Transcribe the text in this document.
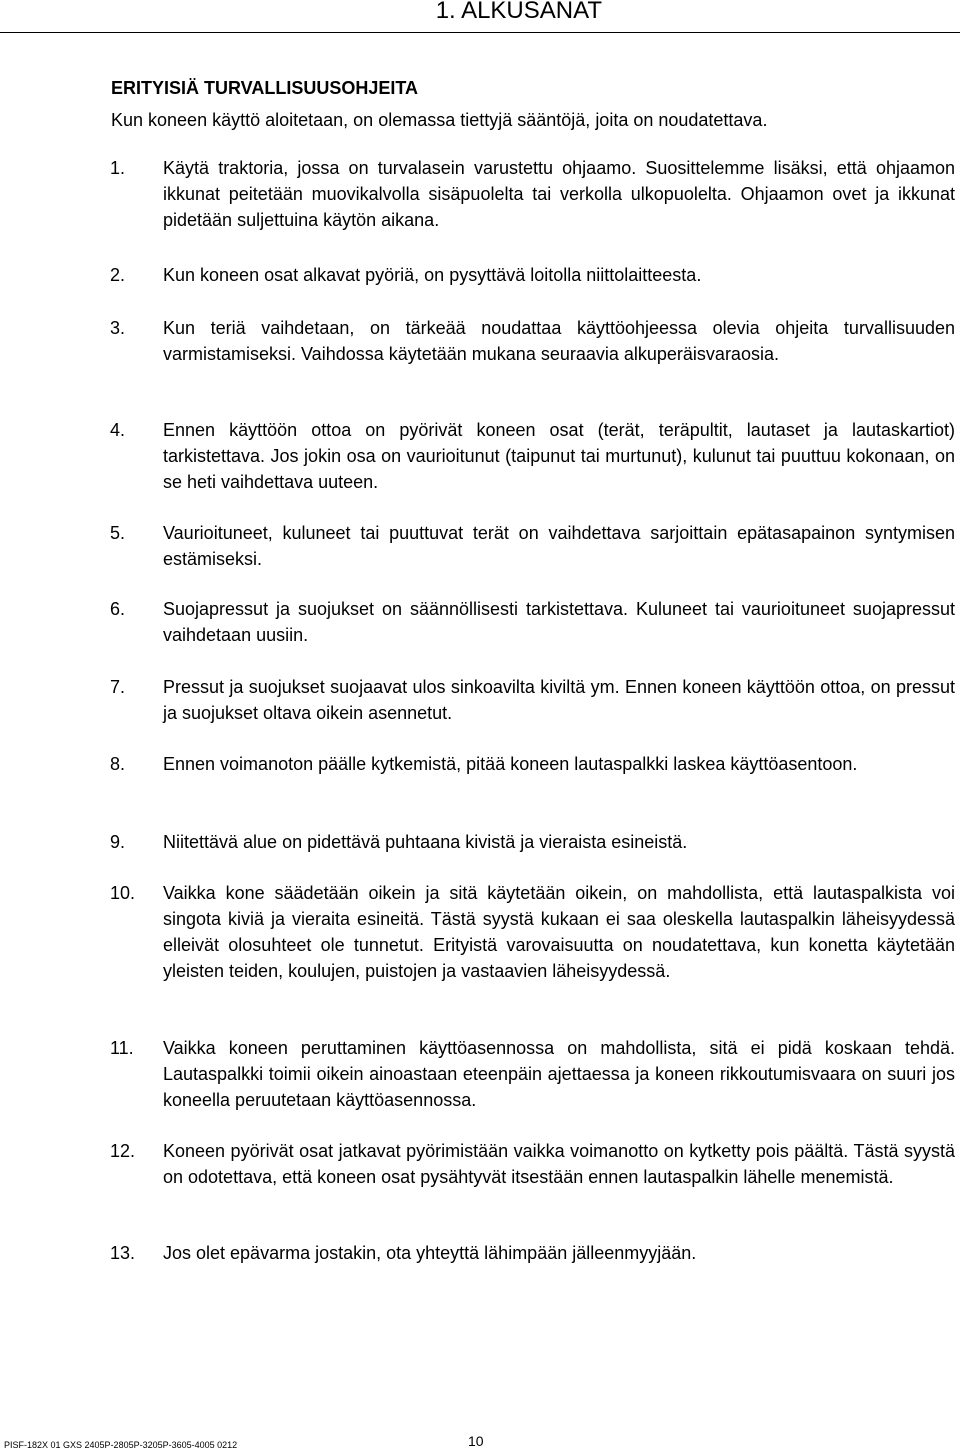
1. ALKUSANAT
ERITYISIÄ TURVALLISUUSOHJEITA

Kun koneen käyttö aloitetaan, on olemassa tiettyjä sääntöjä, joita on noudatettava.

1.	Käytä traktoria, jossa on turvalasein varustettu ohjaamo. Suosittelemme lisäksi, että ohjaamon ikkunat peitetään muovikalvolla sisäpuolelta tai verkolla ulkopuolelta. Ohjaamon ovet ja ikkunat pidetään suljettuina käytön aikana.
2.	Kun koneen osat alkavat pyöriä, on pysyttävä loitolla niittolaitteesta.
3.	Kun teriä vaihdetaan, on tärkeää noudattaa käyttöohjeessa olevia ohjeita turvallisuuden varmistamiseksi. Vaihdossa käytetään mukana seuraavia alkuperäisvaraosia.
4.	Ennen käyttöön ottoa on pyörivät koneen osat (terät, teräpultit, lautaset ja lautaskartiot) tarkistettava. Jos jokin osa on vaurioitunut (taipunut tai murtunut), kulunut tai puuttuu kokonaan, on se heti vaihdettava uuteen.
5.	Vaurioituneet, kuluneet tai puuttuvat terät on vaihdettava sarjoittain epätasapainon syntymisen estämiseksi.
6.	Suojapressut ja suojukset on säännöllisesti tarkistettava. Kuluneet tai vaurioituneet suojapressut vaihdetaan uusiin.
7.	Pressut ja suojukset suojaavat ulos sinkoavilta kiviltä ym. Ennen koneen käyttöön ottoa, on pressut ja suojukset oltava oikein asennetut.
8.	Ennen voimanoton päälle kytkemistä, pitää koneen lautaspalkki laskea käyttöasentoon.
9.	Niitettävä alue on pidettävä puhtaana kivistä ja vieraista esineistä.
10.	Vaikka kone säädetään oikein ja sitä käytetään oikein, on mahdollista, että lautaspalkista voi singota kiviä ja vieraita esineitä. Tästä syystä kukaan ei saa oleskella lautaspalkin läheisyydessä elleivät olosuhteet ole tunnetut. Erityistä varovaisuutta on noudatettava, kun konetta käytetään yleisten teiden, koulujen, puistojen ja vastaavien läheisyydessä.
11.	Vaikka koneen peruttaminen käyttöasennossa on mahdollista, sitä ei pidä koskaan tehdä. Lautaspalkki toimii oikein ainoastaan eteenpäin ajettaessa ja koneen rikkoutumisvaara on suuri jos koneella peruutetaan käyttöasennossa.
12.	Koneen pyörivät osat jatkavat pyörimistään vaikka voimanotto on kytketty pois päältä. Tästä syystä on odotettava, että koneen osat pysähtyvät itsestään ennen lautaspalkin lähelle menemistä.
13.	Jos olet epävarma jostakin, ota yhteyttä lähimpään jälleenmyyjään.
PISF-182X 01 GXS 2405P-2805P-3205P-3605-4005 0212	10
